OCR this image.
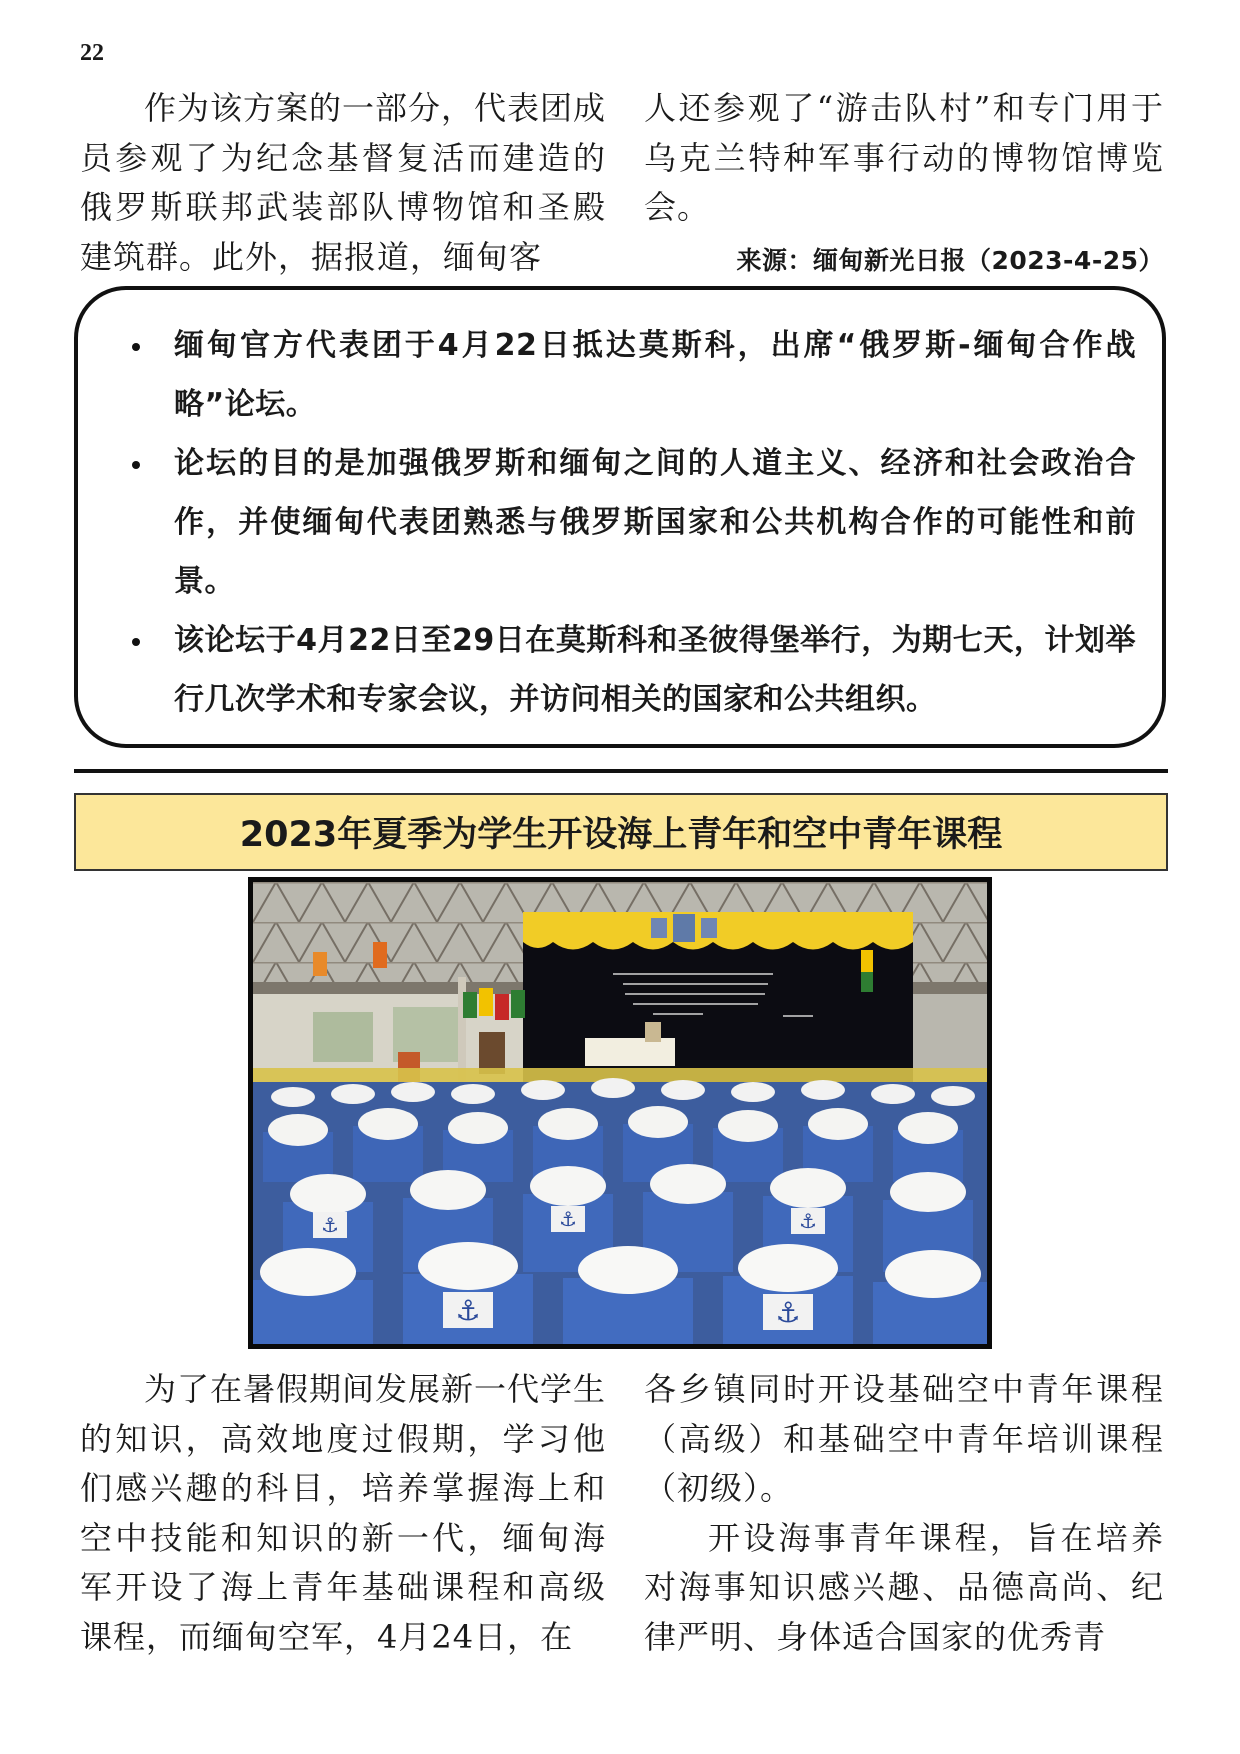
22

作为该方案的一部分，代表团成员参观了为纪念基督复活而建造的俄罗斯联邦武装部队博物馆和圣殿建筑群。此外，据报道，缅甸客

人还参观了“游击队村”和专门用于乌克兰特种军事行动的博物馆博览会。

来源：缅甸新光日报（2023-4-25）
缅甸官方代表团于4月22日抵达莫斯科，出席“俄罗斯-缅甸合作战略”论坛。
论坛的目的是加强俄罗斯和缅甸之间的人道主义、经济和社会政治合作，并使缅甸代表团熟悉与俄罗斯国家和公共机构合作的可能性和前景。
该论坛于4月22日至29日在莫斯科和圣彼得堡举行，为期七天，计划举行几次学术和专家会议，并访问相关的国家和公共组织。
2023年夏季为学生开设海上青年和空中青年课程
⚓	⚓	⚓
⚓	⚓

为了在暑假期间发展新一代学生的知识，高效地度过假期，学习他们感兴趣的科目，培养掌握海上和空中技能和知识的新一代，缅甸海军开设了海上青年基础课程和高级课程，而缅甸空军，4月24日，在

各乡镇同时开设基础空中青年课程（高级）和基础空中青年培训课程（初级）。

开设海事青年课程，旨在培养对海事知识感兴趣、品德高尚、纪律严明、身体适合国家的优秀青
